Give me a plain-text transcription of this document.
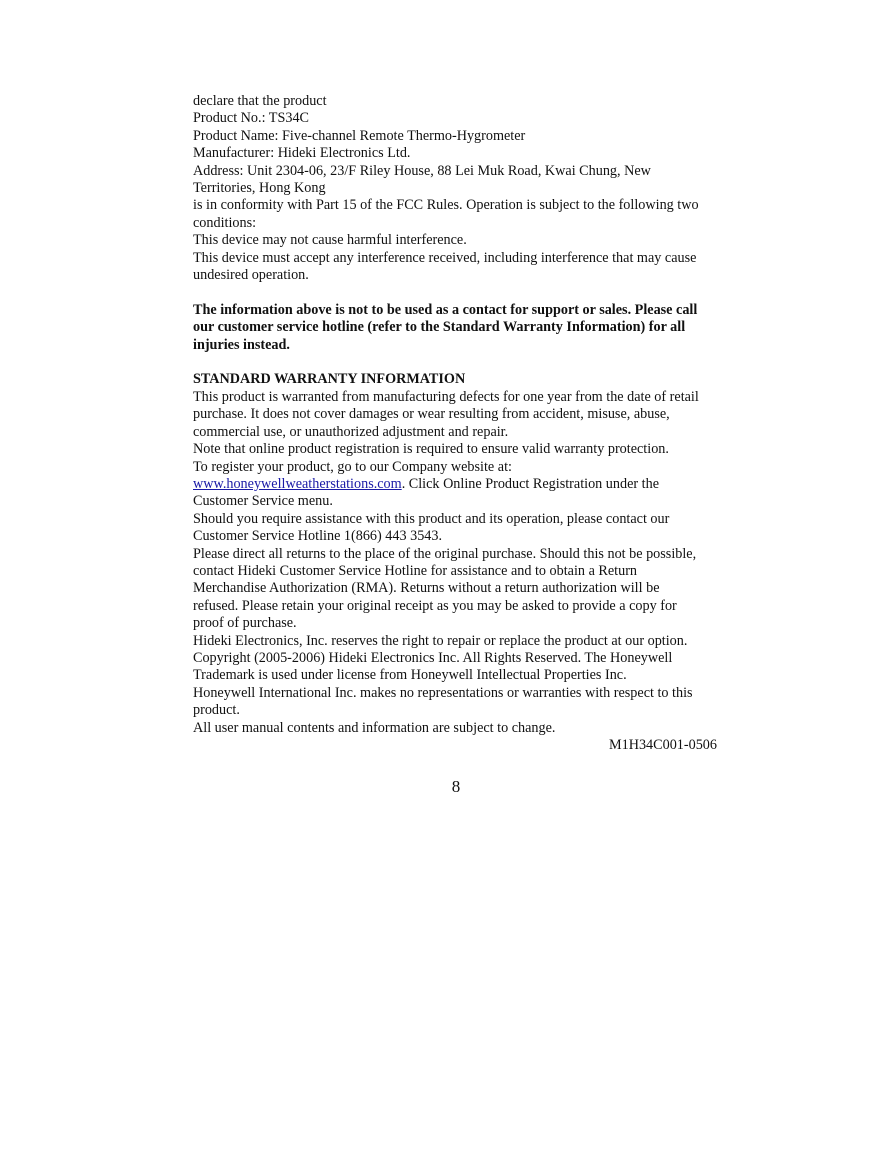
declare that the product

Product No.: TS34C

Product Name: Five-channel Remote Thermo-Hygrometer

Manufacturer: Hideki Electronics Ltd.

Address: Unit 2304-06, 23/F Riley House, 88 Lei Muk Road, Kwai Chung, New

Territories, Hong Kong

is in conformity with Part 15 of the FCC Rules. Operation is subject to the following two

conditions:

This device may not cause harmful interference.

This device must accept any interference received, including interference that may cause

undesired operation.

The information above is not to be used as a contact for support or sales. Please call

our customer service hotline (refer to the Standard Warranty Information) for all

injuries instead.

STANDARD WARRANTY INFORMATION

This product is warranted from manufacturing defects for one year from the date of retail

purchase. It does not cover damages or wear resulting from accident, misuse, abuse,

commercial use, or unauthorized adjustment and repair.

Note that online product registration is required to ensure valid warranty protection.

To register your product, go to our Company website at:

www.honeywellweatherstations.com. Click Online Product Registration under the

Customer Service menu.

Should you require assistance with this product and its operation, please contact our

Customer Service Hotline 1(866) 443 3543.

Please direct all returns to the place of the original purchase. Should this not be possible,

contact Hideki Customer Service Hotline for assistance and to obtain a Return

Merchandise Authorization (RMA). Returns without a return authorization will be

refused. Please retain your original receipt as you may be asked to provide a copy for

proof of purchase.

Hideki Electronics, Inc. reserves the right to repair or replace the product at our option.

Copyright (2005-2006) Hideki Electronics Inc. All Rights Reserved. The Honeywell

Trademark is used under license from Honeywell Intellectual Properties Inc.

Honeywell International Inc. makes no representations or warranties with respect to this

product.

All user manual contents and information are subject to change.

M1H34C001-0506

8
